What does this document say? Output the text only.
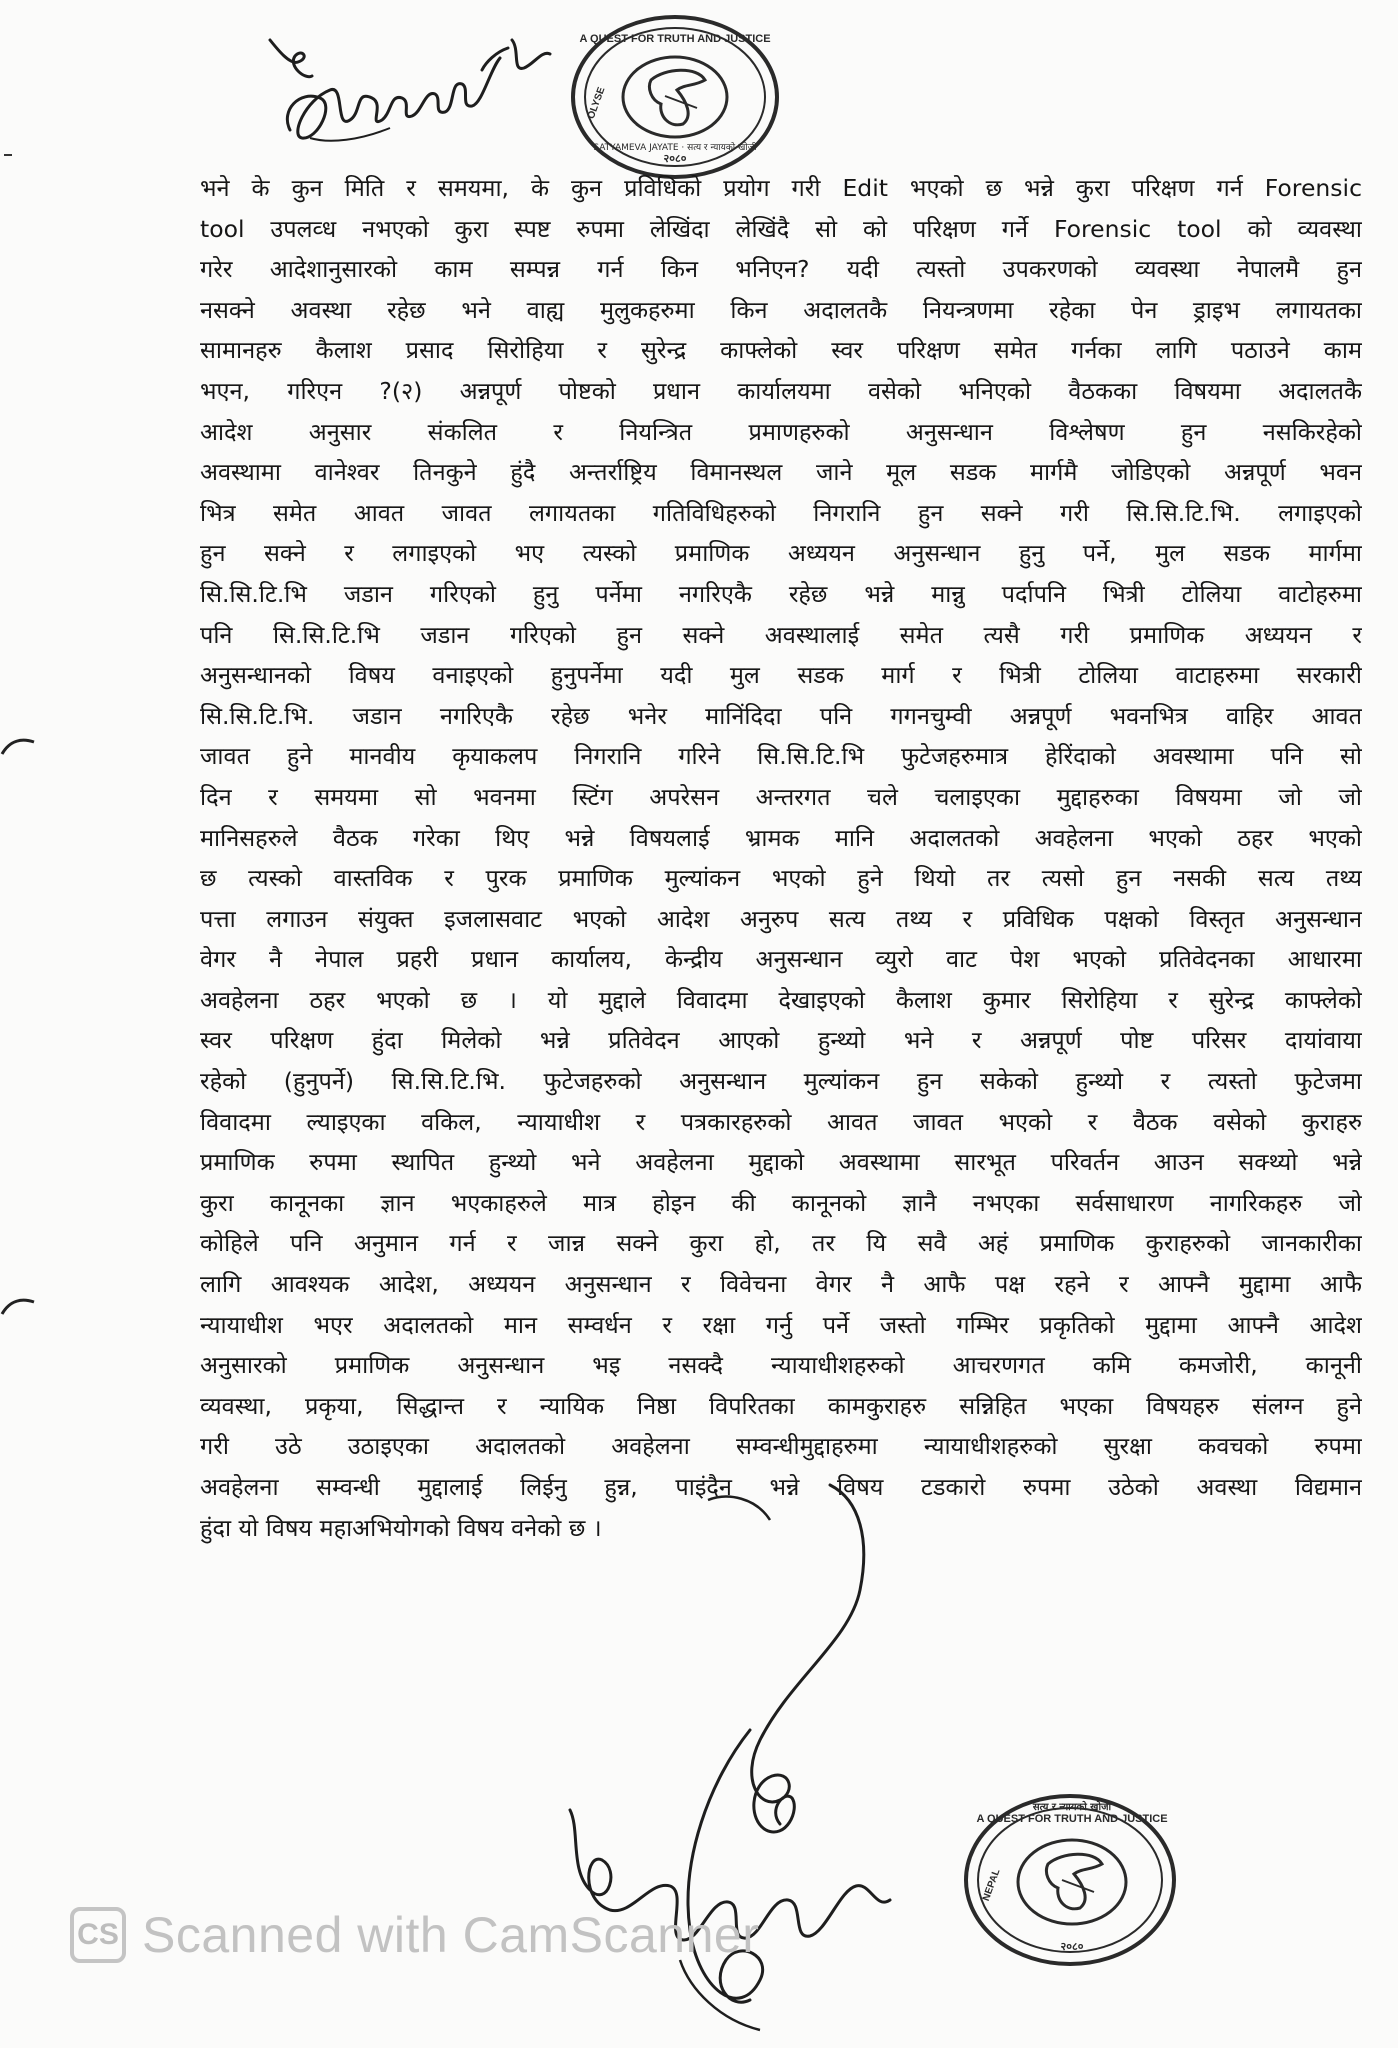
A QUEST FOR TRUTH AND JUSTICE
२०८०
OLYSE
SATYAMEVA JAYATE · सत्य र न्यायको खोजी
भने के कुन मिति र समयमा, के कुन प्रविधिको प्रयोग गरी Edit भएको छ भन्ने कुरा परिक्षण गर्न Forensic
tool उपलव्ध नभएको कुरा स्पष्ट रुपमा लेखिंदा लेखिंदै सो को परिक्षण गर्ने Forensic tool को व्यवस्था
गरेर आदेशानुसारको काम सम्पन्न गर्न किन भनिएन? यदी त्यस्तो उपकरणको व्यवस्था नेपालमै हुन
नसक्ने अवस्था रहेछ भने वाह्य मुलुकहरुमा किन अदालतकै नियन्त्रणमा रहेका पेन ड्राइभ लगायतका
सामानहरु कैलाश प्रसाद सिरोहिया र सुरेन्द्र काफ्लेको स्वर परिक्षण समेत गर्नका लागि पठाउने काम
भएन, गरिएन ?(२) अन्नपूर्ण पोष्टको प्रधान कार्यालयमा वसेको भनिएको वैठकका विषयमा अदालतकै
आदेश अनुसार संकलित र नियन्त्रित प्रमाणहरुको अनुसन्धान विश्लेषण हुन नसकिरहेको
अवस्थामा वानेश्वर तिनकुने हुंदै अन्तर्राष्ट्रिय विमानस्थल जाने मूल सडक मार्गमै जोडिएको अन्नपूर्ण भवन
भित्र समेत आवत जावत लगायतका गतिविधिहरुको निगरानि हुन सक्ने गरी सि.सि.टि.भि. लगाइएको
हुन सक्ने र लगाइएको भए त्यस्को प्रमाणिक अध्ययन अनुसन्धान हुनु पर्ने, मुल सडक मार्गमा
सि.सि.टि.भि जडान गरिएको हुनु पर्नेमा नगरिएकै रहेछ भन्ने मान्नु पर्दापनि भित्री टोलिया वाटोहरुमा
पनि सि.सि.टि.भि जडान गरिएको हुन सक्ने अवस्थालाई समेत त्यसै गरी प्रमाणिक अध्ययन र
अनुसन्धानको विषय वनाइएको हुनुपर्नेमा यदी मुल सडक मार्ग र भित्री टोलिया वाटाहरुमा सरकारी
सि.सि.टि.भि. जडान नगरिएकै रहेछ भनेर मानिंदिदा पनि गगनचुम्वी अन्नपूर्ण भवनभित्र वाहिर आवत
जावत हुने मानवीय कृयाकलप निगरानि गरिने सि.सि.टि.भि फुटेजहरुमात्र हेरिंदाको अवस्थामा पनि सो
दिन र समयमा सो भवनमा स्टिंग अपरेसन अन्तरगत चले चलाइएका मुद्दाहरुका विषयमा जो जो
मानिसहरुले वैठक गरेका थिए भन्ने विषयलाई भ्रामक मानि अदालतको अवहेलना भएको ठहर भएको
छ त्यस्को वास्तविक र पुरक प्रमाणिक मुल्यांकन भएको हुने थियो तर त्यसो हुन नसकी सत्य तथ्य
पत्ता लगाउन संयुक्त इजलासवाट भएको आदेश अनुरुप सत्य तथ्य र प्रविधिक पक्षको विस्तृत अनुसन्धान
वेगर नै नेपाल प्रहरी प्रधान कार्यालय, केन्द्रीय अनुसन्धान व्युरो वाट पेश भएको प्रतिवेदनका आधारमा
अवहेलना ठहर भएको छ । यो मुद्दाले विवादमा देखाइएको कैलाश कुमार सिरोहिया र सुरेन्द्र काफ्लेको
स्वर परिक्षण हुंदा मिलेको भन्ने प्रतिवेदन आएको हुन्थ्यो भने र अन्नपूर्ण पोष्ट परिसर दायांवाया
रहेको (हुनुपर्ने) सि.सि.टि.भि. फुटेजहरुको अनुसन्धान मुल्यांकन हुन सकेको हुन्थ्यो र त्यस्तो फुटेजमा
विवादमा ल्याइएका वकिल, न्यायाधीश र पत्रकारहरुको आवत जावत भएको र वैठक वसेको कुराहरु
प्रमाणिक रुपमा स्थापित हुन्थ्यो भने अवहेलना मुद्दाको अवस्थामा सारभूत परिवर्तन आउन सक्थ्यो भन्ने
कुरा कानूनका ज्ञान भएकाहरुले मात्र होइन की कानूनको ज्ञानै नभएका सर्वसाधारण नागरिकहरु जो
कोहिले पनि अनुमान गर्न र जान्न सक्ने कुरा हो, तर यि सवै अहं प्रमाणिक कुराहरुको जानकारीका
लागि आवश्यक आदेश, अध्ययन अनुसन्धान र विवेचना वेगर नै आफै पक्ष रहने र आफ्नै मुद्दामा आफै
न्यायाधीश भएर अदालतको मान सम्वर्धन र रक्षा गर्नु पर्ने जस्तो गम्भिर प्रकृतिको मुद्दामा आफ्नै आदेश
अनुसारको प्रमाणिक अनुसन्धान भइ नसक्दै न्यायाधीशहरुको आचरणगत कमि कमजोरी, कानूनी
व्यवस्था, प्रकृया, सिद्धान्त र न्यायिक निष्ठा विपरितका कामकुराहरु सन्निहित भएका विषयहरु संलग्न हुने
गरी उठे उठाइएका अदालतको अवहेलना सम्वन्धीमुद्दाहरुमा न्यायाधीशहरुको सुरक्षा कवचको रुपमा
अवहेलना सम्वन्धी मुद्दालाई लिईनु हुन्न, पाइंदैन भन्ने विषय टडकारो रुपमा उठेको अवस्था विद्यमान
हुंदा यो विषय महाअभियोगको विषय वनेको छ ।
A QUEST FOR TRUTH AND JUSTICE
सत्य र न्यायको खोजी
NEPAL
२०८०
CS Scanned with CamScanner
